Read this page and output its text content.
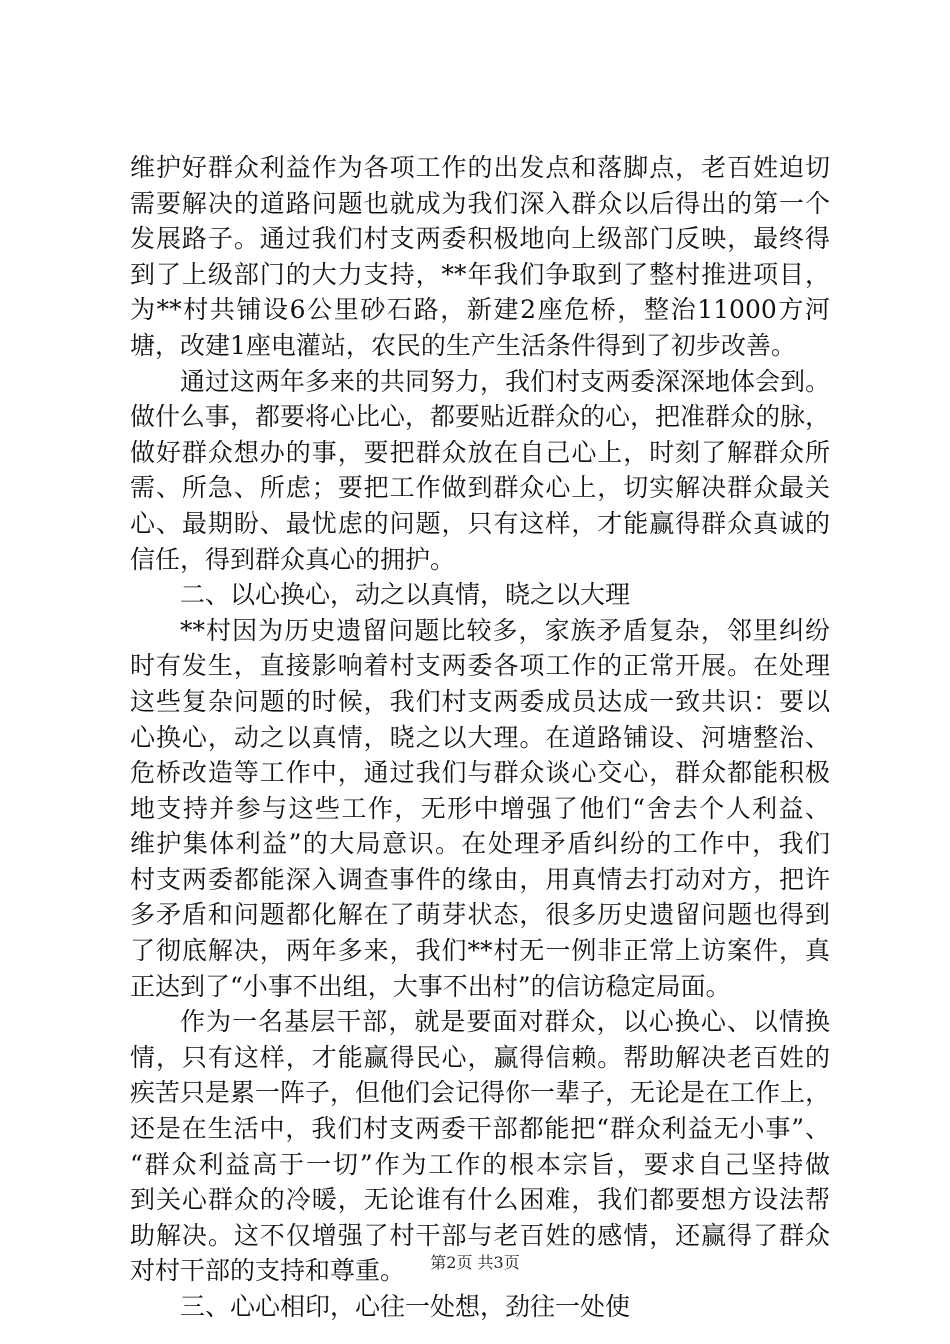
维护好群众利益作为各项工作的出发点和落脚点，老百姓迫切
需要解决的道路问题也就成为我们深入群众以后得出的第一个
发展路子。通过我们村支两委积极地向上级部门反映，最终得
到了上级部门的大力支持，**年我们争取到了整村推进项目，
为**村共铺设6公里砂石路，新建2座危桥，整治11000方河
塘，改建1座电灌站，农民的生产生活条件得到了初步改善。
通过这两年多来的共同努力，我们村支两委深深地体会到。
做什么事，都要将心比心，都要贴近群众的心，把准群众的脉，
做好群众想办的事，要把群众放在自己心上，时刻了解群众所
需、所急、所虑；要把工作做到群众心上，切实解决群众最关
心、最期盼、最忧虑的问题，只有这样，才能赢得群众真诚的
信任，得到群众真心的拥护。
二、以心换心，动之以真情，晓之以大理
**村因为历史遗留问题比较多，家族矛盾复杂，邻里纠纷
时有发生，直接影响着村支两委各项工作的正常开展。在处理
这些复杂问题的时候，我们村支两委成员达成一致共识：要以
心换心，动之以真情，晓之以大理。在道路铺设、河塘整治、
危桥改造等工作中，通过我们与群众谈心交心，群众都能积极
地支持并参与这些工作，无形中增强了他们“舍去个人利益、
维护集体利益”的大局意识。在处理矛盾纠纷的工作中，我们
村支两委都能深入调查事件的缘由，用真情去打动对方，把许
多矛盾和问题都化解在了萌芽状态，很多历史遗留问题也得到
了彻底解决，两年多来，我们**村无一例非正常上访案件，真
正达到了“小事不出组，大事不出村”的信访稳定局面。
作为一名基层干部，就是要面对群众，以心换心、以情换
情，只有这样，才能赢得民心，赢得信赖。帮助解决老百姓的
疾苦只是累一阵子，但他们会记得你一辈子，无论是在工作上，
还是在生活中，我们村支两委干部都能把“群众利益无小事”、
“群众利益高于一切”作为工作的根本宗旨，要求自己坚持做
到关心群众的冷暖，无论谁有什么困难，我们都要想方设法帮
助解决。这不仅增强了村干部与老百姓的感情，还赢得了群众
对村干部的支持和尊重。
三、心心相印，心往一处想，劲往一处使
第2页 共3页
